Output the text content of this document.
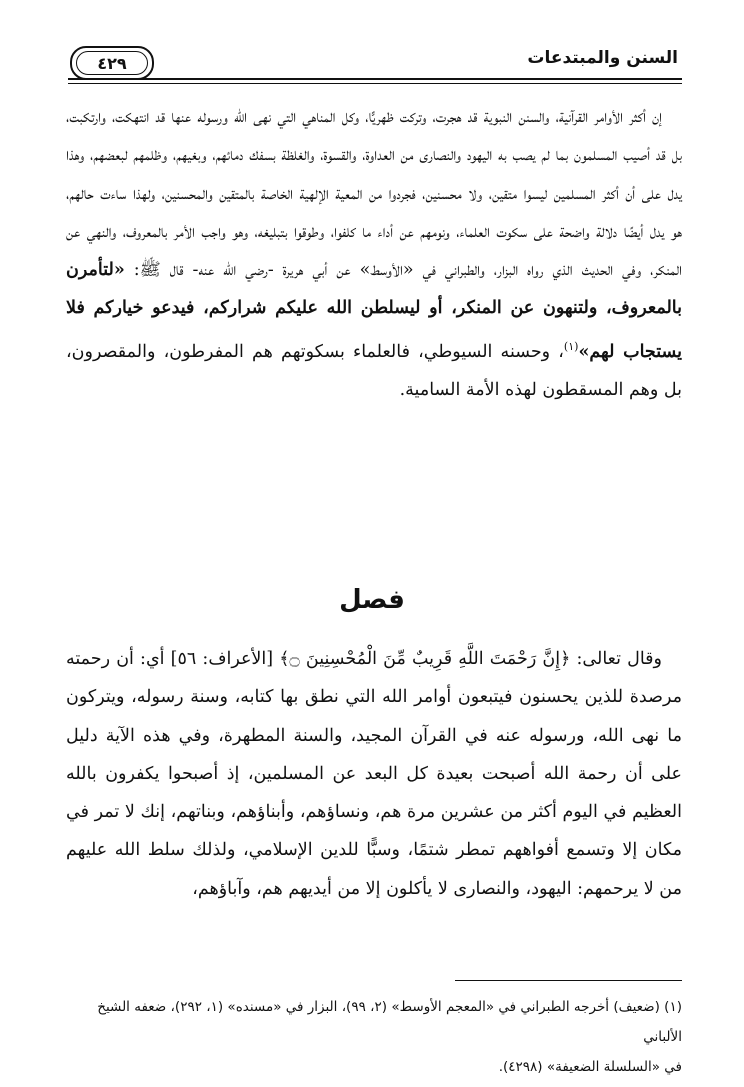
٤٢٩	السنن والمبتدعات
إن أكثر الأوامر القرآنية، والسنن النبوية قد هجرت، وتركت ظهريًّا، وكل المناهي التي نهى الله ورسوله عنها قد انتهكت، وارتكبت، بل قد أصيب المسلمون بما لم يصب به اليهود والنصارى من العداوة، والقسوة، والغلظة بسفك دمائهم، وبغيهم، وظلمهم لبعضهم، وهذا يدل على أن أكثر المسلمين ليسوا متقين، ولا محسنين، فجردوا من المعية الإلهية الخاصة بالمتقين والمحسنين، ولهذا ساءت حالهم، هو يدل أيضًا دلالة واضحة على سكوت العلماء، ونومهم عن أداء ما كلفوا، وطوقوا بتبليغه، وهو واجب الأمر بالمعروف، والنهي عن المنكر، وفي الحديث الذي رواه البزار، والطبراني في «الأوسط» عن أبي هريرة -رضي الله عنه- قال ﷺ: «لتأمرن بالمعروف، ولتنهون عن المنكر، أو ليسلطن الله عليكم شراركم، فيدعو خياركم فلا يستجاب لهم»$^{(١)}$، وحسنه السيوطي، فالعلماء بسكوتهم هم المفرطون، والمقصرون، بل وهم المسقطون لهذه الأمة السامية.
فصل
وقال تعالى: ﴿إِنَّ رَحْمَتَ اللَّهِ قَرِيبٌ مِّنَ الْمُحْسِنِينَ ۝﴾ [الأعراف: ٥٦] أي: أن رحمته مرصدة للذين يحسنون فيتبعون أوامر الله التي نطق بها كتابه، وسنة رسوله، ويتركون ما نهى الله، ورسوله عنه في القرآن المجيد، والسنة المطهرة، وفي هذه الآية دليل على أن رحمة الله أصبحت بعيدة كل البعد عن المسلمين، إذ أصبحوا يكفرون بالله العظيم في اليوم أكثر من عشرين مرة هم، ونساؤهم، وأبناؤهم، وبناتهم، إنك لا تمر في مكان إلا وتسمع أفواههم تمطر شتمًا، وسبًّا للدين الإسلامي، ولذلك سلط الله عليهم من لا يرحمهم: اليهود، والنصارى لا يأكلون إلا من أيديهم هم، وآباؤهم،
(١) (ضعيف) أخرجه الطبراني في «المعجم الأوسط» (٢، ٩٩)، البزار في «مسنده» (١، ٢٩٢)، ضعفه الشيخ الألباني
في «السلسلة الضعيفة» (٤٢٩٨).
